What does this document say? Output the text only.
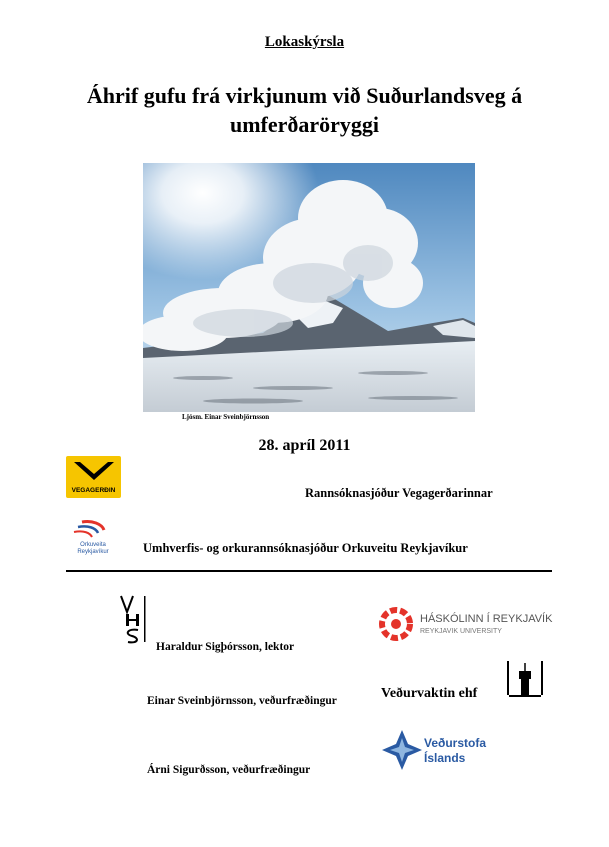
Lokaskýrsla
Áhrif gufu frá virkjunum við Suðurlandsveg á
umferðaröryggi
Ljósm. Einar Sveinbjörnsson
28. apríl 2011
VEGAGERÐIN	Rannsóknasjóður Vegagerðarinnar
Orkuveita
Reykjavíkur	Umhverfis- og orkurannsóknasjóður Orkuveitu Reykjavíkur
HÁSKÓLINN Í REYKJAVÍK
REYKJAVIK UNIVERSITY
Veðurvaktin ehf
Veðurstofa
Íslands
Haraldur Sigþórsson, lektor
Einar Sveinbjörnsson, veðurfræðingur
Árni Sigurðsson, veðurfræðingur
